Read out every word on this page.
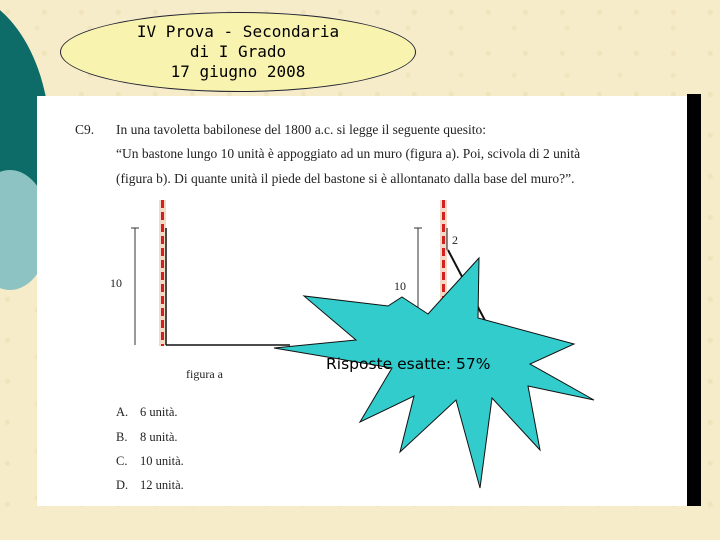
IV Prova - Secondaria
di I Grado
17 giugno 2008
C9. In una tavoletta babilonese del 1800 a.c. si legge il seguente quesito:
“Un bastone lungo 10 unità è appoggiato ad un muro (figura a). Poi, scivola di 2 unità
(figura b). Di quante unità il piede del bastone si è allontanato dalla base del muro?”.
10	10
2
figura a
Risposte esatte: 57%
A. 6 unità.
B. 8 unità.
C. 10 unità.
D. 12 unità.
